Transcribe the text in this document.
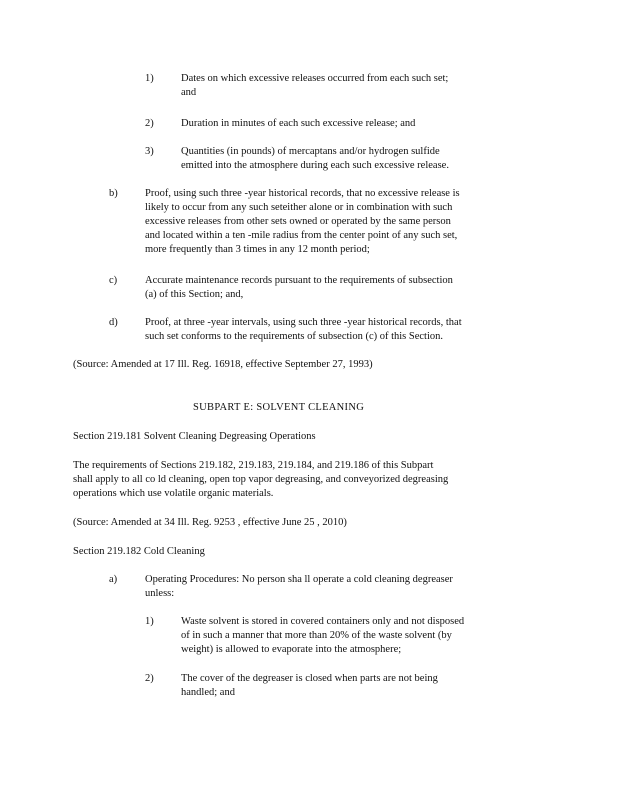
1)	Dates on which excessive releases occurred from each such set;
and
2)	Duration in minutes of each such excessive release; and
3)	Quantities (in pounds) of mercaptans and/or hydrogen sulfide
emitted into the atmosphere during each such excessive release.
b)	Proof, using such three -year historical records, that no excessive release is
likely to occur from any such seteither alone or in combination with such
excessive releases from other sets owned or operated by the same person
and located within a ten -mile radius from the center point of any such set,
more frequently than 3 times in any 12 month period;
c)	Accurate maintenance records pursuant to the requirements of subsection
(a) of this Section; and,
d)	Proof, at three -year intervals, using such three -year historical records, that
such set conforms to the requirements of subsection (c) of this Section.
(Source: Amended at 17 Ill. Reg. 16918, effective September 27, 1993)
SUBPART E: SOLVENT CLEANING
Section 219.181 Solvent Cleaning Degreasing Operations
The requirements of Sections 219.182, 219.183, 219.184, and 219.186 of this Subpart
shall apply to all co ld cleaning, open top vapor degreasing, and conveyorized degreasing
operations which use volatile organic materials.
(Source: Amended at 34 Ill. Reg. 9253 , effective June 25 , 2010)
Section 219.182 Cold Cleaning
a)	Operating Procedures: No person sha ll operate a cold cleaning degreaser
unless:
1)	Waste solvent is stored in covered containers only and not disposed
of in such a manner that more than 20% of the waste solvent (by
weight) is allowed to evaporate into the atmosphere;
2)	The cover of the degreaser is closed when parts are not being
handled; and
